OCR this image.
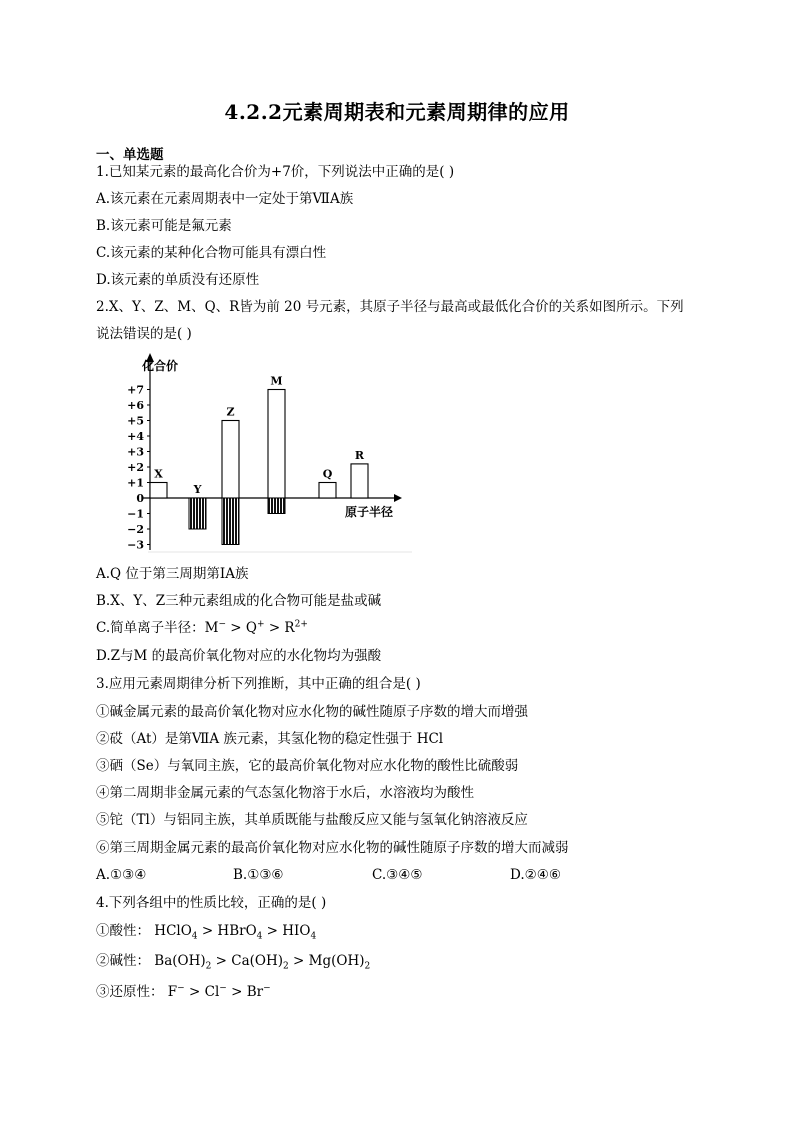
4.2.2元素周期表和元素周期律的应用
一、单选题
1.已知某元素的最高化合价为+7价，下列说法中正确的是( )
A.该元素在元素周期表中一定处于第ⅦA族
B.该元素可能是氟元素
C.该元素的某种化合物可能具有漂白性
D.该元素的单质没有还原性
2.X、Y、Z、M、Q、R皆为前 20 号元素，其原子半径与最高或最低化合价的关系如图所示。下列
说法错误的是( )
+7
+6
+5
+4
+3
+2
+1
0
−1
−2
−3
X
Y
Z
M
Q
R
化合价
原子半径
A.Q 位于第三周期第ⅠA族
B.X、Y、Z三种元素组成的化合物可能是盐或碱
C.简单离子半径：$M^- > Q^+ > R^{2+}$
D.Z与M 的最高价氧化物对应的水化物均为强酸
3.应用元素周期律分析下列推断，其中正确的组合是( )
①碱金属元素的最高价氧化物对应水化物的碱性随原子序数的增大而增强
②砹（At）是第ⅦA 族元素，其氢化物的稳定性强于 HCl
③硒（Se）与氧同主族，它的最高价氧化物对应水化物的酸性比硫酸弱
④第二周期非金属元素的气态氢化物溶于水后，水溶液均为酸性
⑤铊（Tl）与铝同主族，其单质既能与盐酸反应又能与氢氧化钠溶液反应
⑥第三周期金属元素的最高价氧化物对应水化物的碱性随原子序数的增大而减弱
A.①③④	B.①③⑥	C.③④⑤	D.②④⑥
4.下列各组中的性质比较，正确的是( )
①酸性： HClO$_4$ > HBrO$_4$ > $HIO_4$
②碱性： $Ba(OH)_2 > Ca(OH)_2 > Mg(OH)_2$
③还原性： F− > Cl− > Br−
